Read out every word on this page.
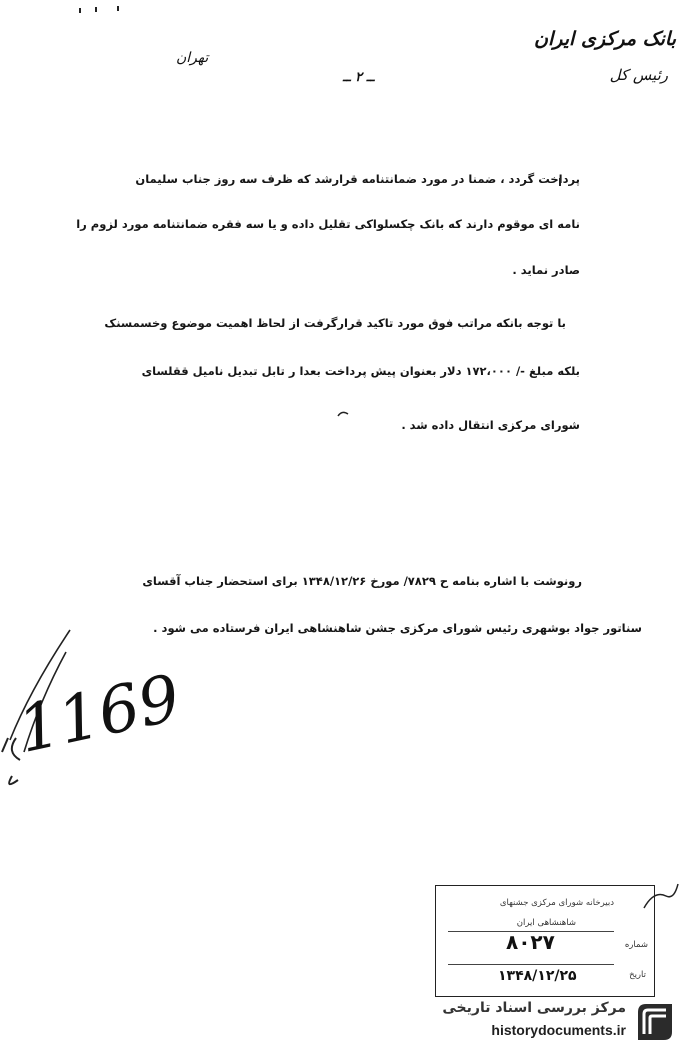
بانک مرکزی ایران
رئیس کل
تهران
ــ ۲ ــ
پرداخت گردد ، ضمنا در مورد ضمانتنامه قرارشد که ظرف سه روز جناب سلیمان
نامه ای موقوم دارند که بانک چکسلواکی تقلیل داده و یا سه فقره ضمانتنامه مورد لزوم را
صادر نماید .
با توجه بانکه مراتب فوق مورد تاکید قرارگرفت از لحاظ اهمیت موضوع وخسمسنک
بلکه مبلغ -/ ۱۷۲،۰۰۰ دلار بعنوان پیش پرداخت بعدا ر تابل تبدیل نامیل ققلسای
شورای مرکزی انتقال داده شد .
رونوشت با اشاره بنامه ح ۷۸۲۹/ مورخ ۱۳۴۸/۱۲/۲۶ برای استحضار جناب آقسای
سناتور جواد بوشهری رئیس شورای مرکزی جشن شاهنشاهی ایران فرستاده می شود .
1169
دبیرخانه شورای مرکزی جشنهای
شاهنشاهی ایران
شماره
۸۰۲۷
تاریخ
۱۳۴۸/۱۲/۲۵
مرکز بررسی اسناد تاریخی
historydocuments.ir
